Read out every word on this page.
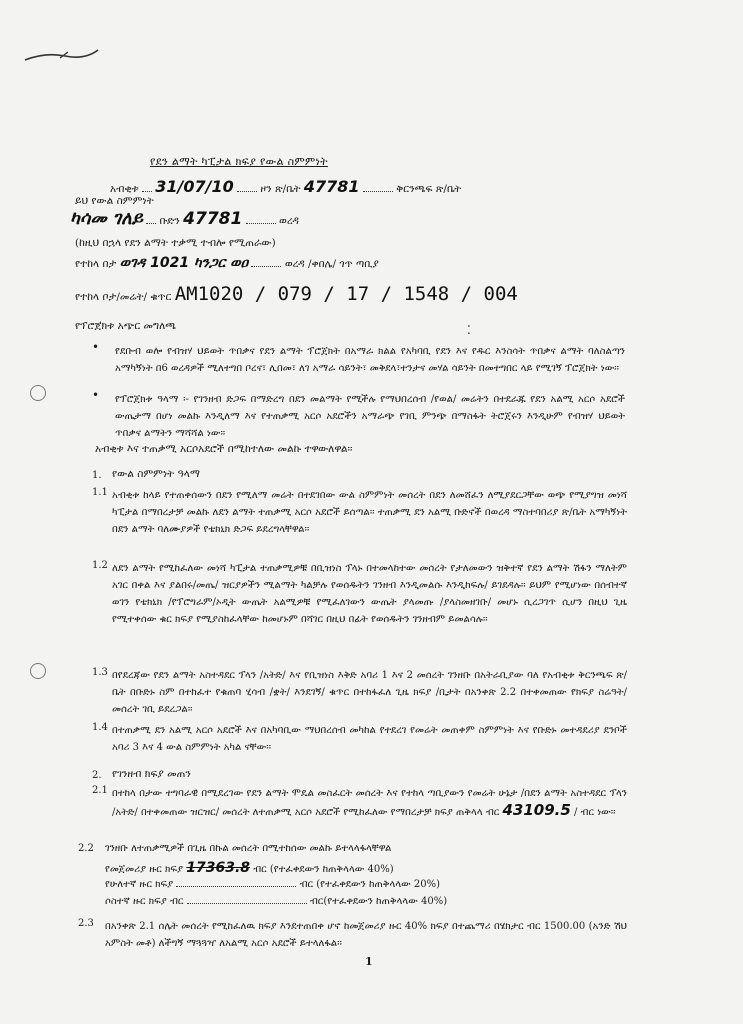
የደን ልማት ካፒታል ክፍያ የውል ስምምነት
አብቂቱ 31/07/10	ዞን ጽ/ቤት 47781	ቅርንጫፍ ጽ/ቤት
ይህ የውል ስምምነት
ካሳመ ገለይ ቡድን 47781	ወረዳ
(ከዚህ በኋላ የደን ልማት ተቃሚ ተብሎ የሚጠራው)
የተከላ በታ ወገዳ 1021 ካንጋር ወዐ	ወረዳ /ቀበሌ/ ጎጥ ጣቢያ
የተከላ ቦታ/መሬት/ ቁጥር AM1020 / 079 / 17 / 1548 / 004
የፕሮጀክቱ አጭር መግለጫ
• የደቡብ ወሎ የብዝሃ ህይወት ጥበቃና የደን ልማት ፕሮጀክት በአማራ ክልል የአካባቢ የደን እና የዱር እንስሳት ጥበቃና ልማት ባለስልጣን አማካኝነት በ6 ወረዳዎች ሚለተግበ ቦረና፣ ሊበመ፣ ለገ አማራ ሳይንት፣ መቅደላ፣ተንታና መሃል ሳይንት በመተግበር ላይ የሚገኝ ፕሮጀክት ነው፡፡
• የፕሮጀክቱ ዓላማ ፡- የገንዘብ ድጋፍ በማድረግ በደን መልማት የሚችሉ የማህበረሰብ /የወል/ መሬትን በተደራጁ የደን አልሚ አርሶ አደሮች ውጤታማ በሆነ መልኩ እንዲለማ እና የተጠቃሚ አርሶ አደሮችን አማራጭ የገቢ ምንጭ በማስፋት ትሮጀሩን እንዲሁም የብዝሃ ህይወት ጥበቃና ልማትን ማሻሻል ነው፡፡
አብቂቱ እና ተጠቃሚ አርሶአደሮች በሚከተለው መልኩ ተዋውለዋል፡፡
1. የውል ስምምነት ዓላማ
1.1 አብቂቱ ከላይ የተጠቀሰውን በደን የሚለማ መሬት በተደገበው ውል ስምምነት መሰረት በደን ለመሸፈን ለሚያደርጋቸው ወጭ የሚያግዝ መነሻ ካፒታል በማበረታቻ መልኩ ለደን ልማት ተጠቃሚ አርሶ አደሮች ይሰጣል፡፡ ተጠቃሚ ደን አልሚ ቡድኖች በወረዳ ማስተባበሪያ ጽ/ቤት አማካኝነት በደን ልማት ባለሙያዎች የቴክኒክ ድጋፍ ይደረግላቸዋል፡፡
1.2 ለደን ልማት የሚከፈለው መነሻ ካፒታል ተጠቃሚዎቹ በቢዝነስ ፕላኑ በተመላከተው መሰረት የታለመውን ዝቅተኛ የደን ልማት ሽፋን ማለትም አገር በቀል እና ያልበሩ/መጤ/ ዝርያዎችን ሚልማት ካልቻሉ የወሰዱትን ገንዘብ እንዲመልሱ እንዲከፍሉ/ ይገደዳሉ፡፡ ይህም የሚሆነው በሰብተኛ ወገን የቴክኒክ /የፕሮግራም/ኦዲት ውጤት አልሚዎቹ የሚፈለገውን ውጤት ያላመጡ /ያላስመዘገቡ/ መሆኑ ሲረጋገጥ ሲሆን በዚህ ጊዜ የሚተቀሰው ቁር ክፍያ የሚያስከፈላቸው ከመሆኑም በሻገር በዚህ በፊት የወሰዱትን ገንዘብም ይመልሳሉ፡፡
1.3 በየደረጃው የደን ልማት አስተዳደር ፕላን /አትድ/ እና የቢዝነስ እቅድ አባሪ 1 እና 2 መሰረት ገንዘቡ በአትራቢያው ባለ የአብቂቱ ቅርንጫፍ ጽ/ቤት በቡድኑ ስም በተከፈተ የቁጠባ ሂሳብ /ቋት/ እንደገኝ/ ቁጥር በተከፋፈለ ጊዜ ክፍያ /ቢታት በአንቀጽ 2.2 በተቀመጠው የክፍያ ስሬዓት/ መሰረት ገቢ ይደረጋል፡፡
1.4 በተጠቃሚ ደን አልሚ አርሶ አደሮች እና በአካባቢው ማህበረሰብ መካከል የተደረገ የመሬት መጠቀም ስምምነት እና የቡድኑ መተዳደሪያ ደንቦች አባሪ 3 እና 4 ውል ስምምነት አካል ናቸው፡፡
2. የገንዘብ ክፍያ መጠን
2.1 በተከላ በታው ተግባራዊ በሚደረገው የደን ልማት ሞዴል መስፈርት መሰረት እና የተከላ ጣቢያውን የመሬት ሁኔታ /በደን ልማት አስተዳደር ፕላን /አትድ/ በተቀመጠው ዝርዝር/ መሰረት ለተጠቃሚ አርሶ አደሮች የሚከፈለው የማበረታቻ ክፍያ ጠቅላላ ብር 43109.5 / ብር ነው፡፡
2.2 ገንዘቡ ለተጠቃሚዎች በጊዜ በኩል መሰረት በሚተከሰው መልኩ ይተላላፋላቸዋል
የመጀመሪያ ዙር ክፍያ 17363.8 ብር (የተፈቀደውን ከጠቅላላው 40%)
የሁለተኛ ዙር ክፍያ	ብር (የተፈቀደውን ከጠቅላላው 20%)
ሶስተኛ ዙር ክፍያ ብር	ብር(የተፈቀደውን ከጠቅላላው 40%)
2.3 በአንቀጽ 2.1 ሰሌት መሰረት የሚከፈለዉ ክፍያ እንደተጠበቀ ሆኖ ከመጀመሪያ ዙር 40% ክፍያ በተጨማሪ በሄክታር ብር 1500.00 (አንድ ሽህ አምስት መቶ) ለችግኝ ማጓጓዣ ለአልሚ አርሶ አደሮች ይተላለፋል፡፡
1
⁚
